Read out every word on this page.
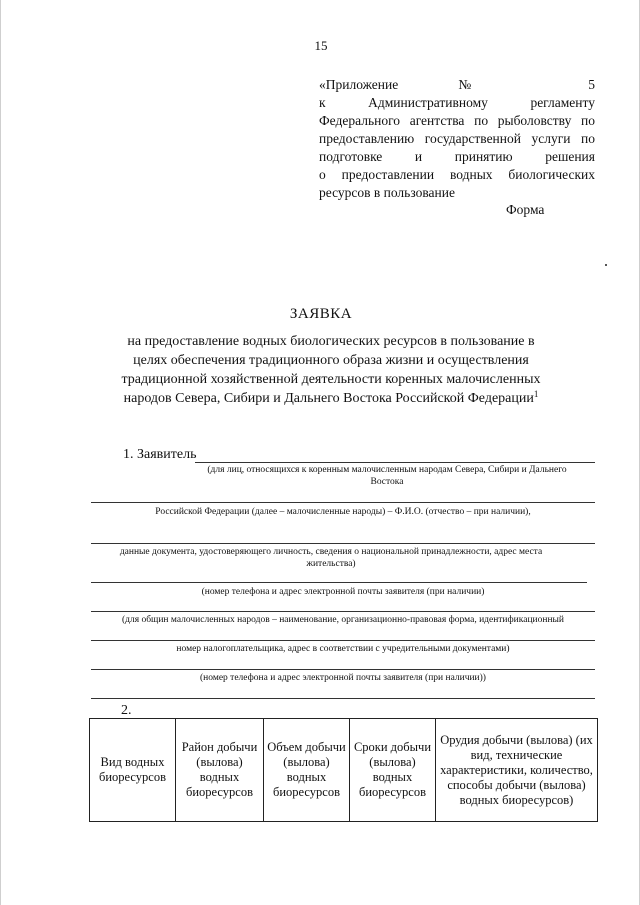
15
«Приложение № 5
к Административному регламенту
Федерального агентства по рыболовству по
предоставлению государственной услуги по
подготовке и принятию решения
о предоставлении водных биологических
ресурсов в пользование
Форма
ЗАЯВКА
на предоставление водных биологических ресурсов в пользование в
целях обеспечения традиционного образа жизни и осуществления
традиционной хозяйственной деятельности коренных малочисленных
народов Севера, Сибири и Дальнего Востока Российской Федерации$^1$
1. Заявитель
(для лиц, относящихся к коренным малочисленным народам Севера, Сибири и Дальнего Востока
Российской Федерации (далее – малочисленные народы) – Ф.И.О. (отчество – при наличии),
данные документа, удостоверяющего личность, сведения о национальной принадлежности, адрес места жительства)
(номер телефона и адрес электронной почты заявителя (при наличии)
(для общин малочисленных народов – наименование, организационно-правовая форма, идентификационный
номер налогоплательщика, адрес в соответствии с учредительными документами)
(номер телефона и адрес электронной почты заявителя (при наличии))
2.
Вид водных биоресурсов	Район добычи (вылова) водных биоресурсов	Объем добычи (вылова) водных биоресурсов	Сроки добычи (вылова) водных биоресурсов	Орудия добычи (вылова) (их вид, технические характеристики, количество, способы добычи (вылова) водных биоресурсов)
